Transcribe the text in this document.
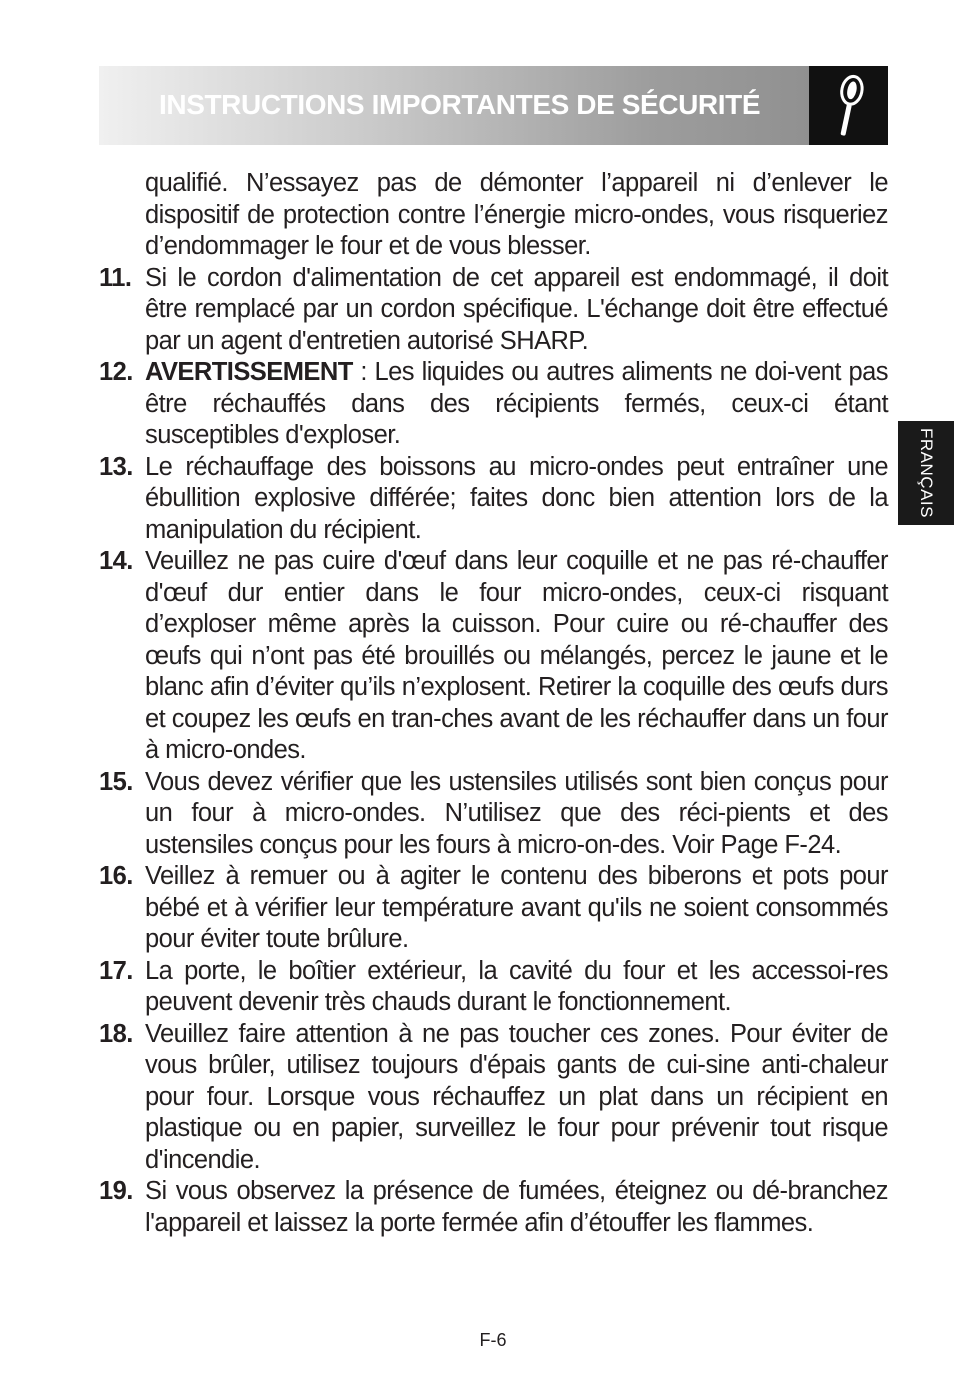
INSTRUCTIONS IMPORTANTES DE SÉCURITÉ
FRANÇAIS
qualifié. N’essayez pas de démonter l’appareil ni d’enlever le dispositif de protection contre l’énergie micro-ondes, vous risqueriez d’endommager le four et de vous blesser.
11. Si le cordon d'alimentation de cet appareil est endommagé, il doit être remplacé par un cordon spécifique. L'échange doit être effectué par un agent d'entretien autorisé SHARP.
12. AVERTISSEMENT : Les liquides ou autres aliments ne doi-vent pas être réchauffés dans des récipients fermés, ceux-ci étant susceptibles d'exploser.
13. Le réchauffage des boissons au micro-ondes peut entraîner une ébullition explosive différée; faites donc bien attention lors de la manipulation du récipient.
14. Veuillez ne pas cuire d'œuf dans leur coquille et ne pas ré-chauffer d'œuf dur entier dans le four micro-ondes, ceux-ci risquant d’exploser même après la cuisson. Pour cuire ou ré-chauffer des œufs qui n’ont pas été brouillés ou mélangés, percez le jaune et le blanc afin d’éviter qu’ils n’explosent. Retirer la coquille des œufs durs et coupez les œufs en tran-ches avant de les réchauffer dans un four à micro-ondes.
15. Vous devez vérifier que les ustensiles utilisés sont bien conçus pour un four à micro-ondes. N’utilisez que des réci-pients et des ustensiles conçus pour les fours à micro-on-des. Voir Page F-24.
16. Veillez à remuer ou à agiter le contenu des biberons et pots pour bébé et à vérifier leur température avant qu'ils ne soient consommés pour éviter toute brûlure.
17. La porte, le boîtier extérieur, la cavité du four et les accessoi-res peuvent devenir très chauds durant le fonctionnement.
18. Veuillez faire attention à ne pas toucher ces zones. Pour éviter de vous brûler, utilisez toujours d'épais gants de cui-sine anti-chaleur pour four. Lorsque vous réchauffez un plat dans un récipient en plastique ou en papier, surveillez le four pour prévenir tout risque d'incendie.
19. Si vous observez la présence de fumées, éteignez ou dé-branchez l'appareil et laissez la porte fermée afin d’étouffer les flammes.
F-6
